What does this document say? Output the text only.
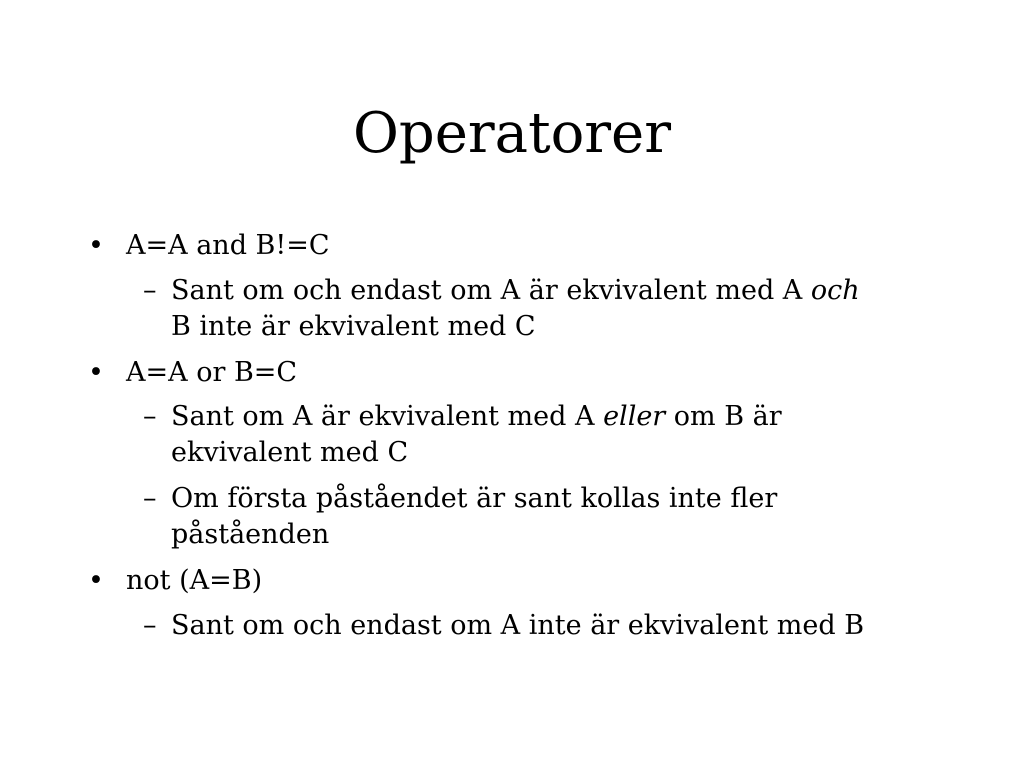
Operatorer
• A=A and B!=C
– Sant om och endast om A är ekvivalent med A och
B inte är ekvivalent med C
• A=A or B=C
– Sant om A är ekvivalent med A eller om B är
ekvivalent med C
– Om första påståendet är sant kollas inte fler
påståenden
• not (A=B)
– Sant om och endast om A inte är ekvivalent med B
